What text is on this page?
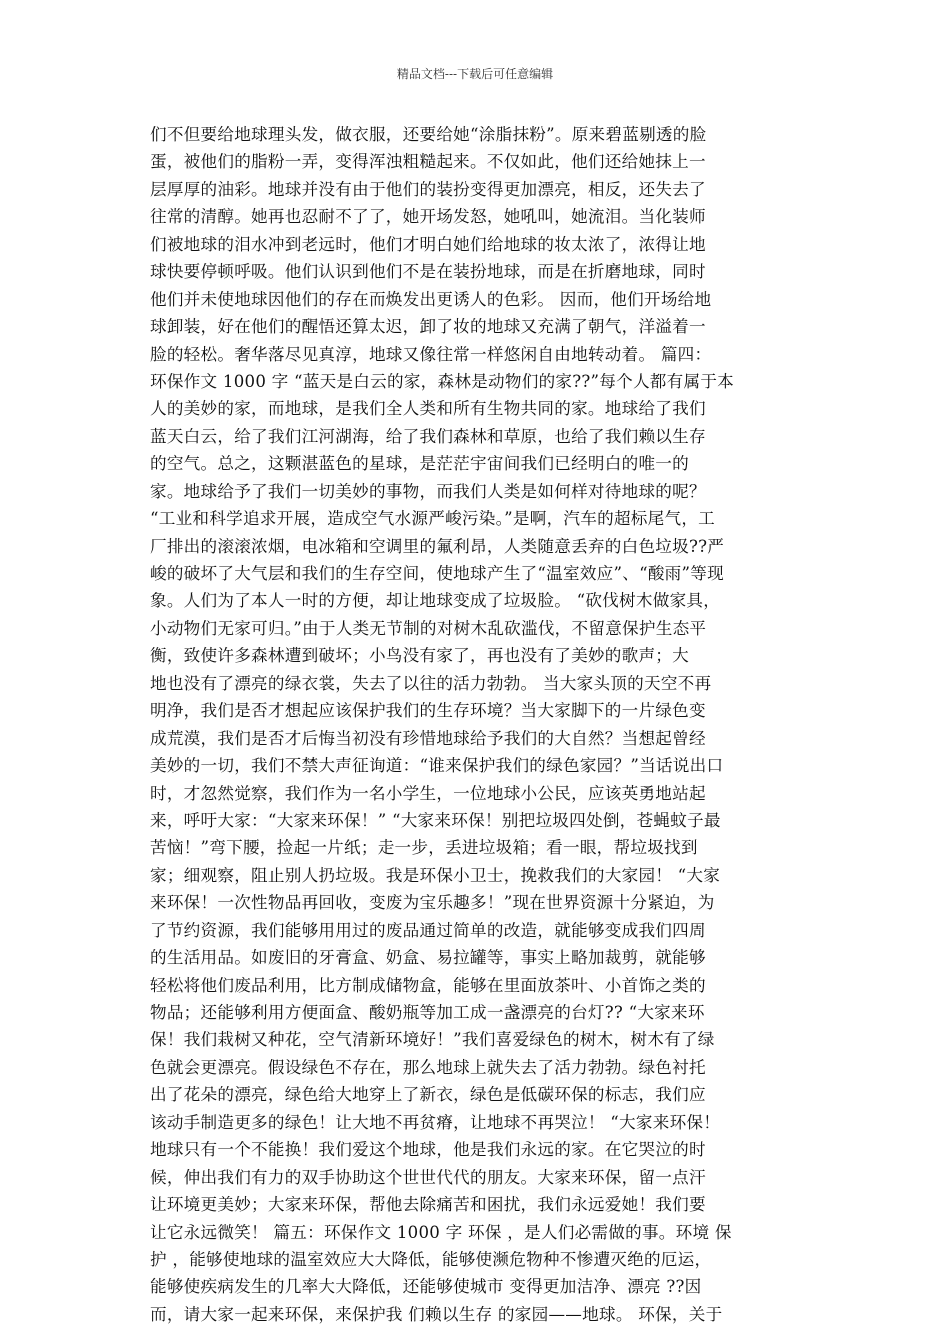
精品文档---下载后可任意编辑
们不但要给地球理头发，做衣服，还要给她“涂脂抹粉”。原来碧蓝剔透的脸
蛋，被他们的脂粉一弄，变得浑浊粗糙起来。不仅如此，他们还给她抹上一
层厚厚的油彩。地球并没有由于他们的装扮变得更加漂亮，相反，还失去了
往常的清醇。她再也忍耐不了了，她开场发怒，她吼叫，她流泪。当化装师
们被地球的泪水冲到老远时，他们才明白她们给地球的妆太浓了，浓得让地
球快要停顿呼吸。他们认识到他们不是在装扮地球，而是在折磨地球，同时
他们并未使地球因他们的存在而焕发出更诱人的色彩。 因而，他们开场给地
球卸装，好在他们的醒悟还算太迟，卸了妆的地球又充满了朝气，洋溢着一
脸的轻松。奢华落尽见真淳，地球又像往常一样悠闲自由地转动着。 篇四：
环保作文 1000 字 “蓝天是白云的家，森林是动物们的家??”每个人都有属于本
人的美妙的家，而地球，是我们全人类和所有生物共同的家。地球给了我们
蓝天白云，给了我们江河湖海，给了我们森林和草原，也给了我们赖以生存
的空气。总之，这颗湛蓝色的星球，是茫茫宇宙间我们已经明白的唯一的
家。地球给予了我们一切美妙的事物，而我们人类是如何样对待地球的呢？
“工业和科学追求开展，造成空气水源严峻污染。”是啊，汽车的超标尾气，工
厂排出的滚滚浓烟，电冰箱和空调里的氟利昂，人类随意丢弃的白色垃圾??严
峻的破坏了大气层和我们的生存空间，使地球产生了“温室效应”、“酸雨”等现
象。人们为了本人一时的方便，却让地球变成了垃圾脸。 “砍伐树木做家具，
小动物们无家可归。”由于人类无节制的对树木乱砍滥伐，不留意保护生态平
衡，致使许多森林遭到破坏；小鸟没有家了，再也没有了美妙的歌声；大
地也没有了漂亮的绿衣裳，失去了以往的活力勃勃。 当大家头顶的天空不再
明净，我们是否才想起应该保护我们的生存环境？当大家脚下的一片绿色变
成荒漠，我们是否才后悔当初没有珍惜地球给予我们的大自然？当想起曾经
美妙的一切，我们不禁大声征询道：“谁来保护我们的绿色家园？”当话说出口
时，才忽然觉察，我们作为一名小学生，一位地球小公民，应该英勇地站起
来，呼吁大家：“大家来环保！” “大家来环保！别把垃圾四处倒，苍蝇蚊子最
苦恼！”弯下腰，捡起一片纸；走一步，丢进垃圾箱；看一眼，帮垃圾找到
家；细观察，阻止别人扔垃圾。我是环保小卫士，挽救我们的大家园！ “大家
来环保！一次性物品再回收，变废为宝乐趣多！”现在世界资源十分紧迫，为
了节约资源，我们能够用用过的废品通过简单的改造，就能够变成我们四周
的生活用品。如废旧的牙膏盒、奶盒、易拉罐等，事实上略加裁剪，就能够
轻松将他们废品利用，比方制成储物盒，能够在里面放茶叶、小首饰之类的
物品；还能够利用方便面盒、酸奶瓶等加工成一盏漂亮的台灯?? “大家来环
保！我们栽树又种花，空气清新环境好！”我们喜爱绿色的树木，树木有了绿
色就会更漂亮。假设绿色不存在，那么地球上就失去了活力勃勃。绿色衬托
出了花朵的漂亮，绿色给大地穿上了新衣，绿色是低碳环保的标志，我们应
该动手制造更多的绿色！让大地不再贫瘠，让地球不再哭泣！ “大家来环保！
地球只有一个不能换！我们爱这个地球，他是我们永远的家。在它哭泣的时
候，伸出我们有力的双手协助这个世世代代的朋友。大家来环保，留一点汗
让环境更美妙；大家来环保，帮他去除痛苦和困扰，我们永远爱她！我们要
让它永远微笑！ 篇五：环保作文 1000 字 环保 ，是人们必需做的事。环境 保
护 ，能够使地球的温室效应大大降低，能够使濒危物种不惨遭灭绝的厄运，
能够使疾病发生的几率大大降低，还能够使城市 变得更加洁净、漂亮 ??因
而，请大家一起来环保，来保护我 们赖以生存 的家园——地球。 环保，关于
